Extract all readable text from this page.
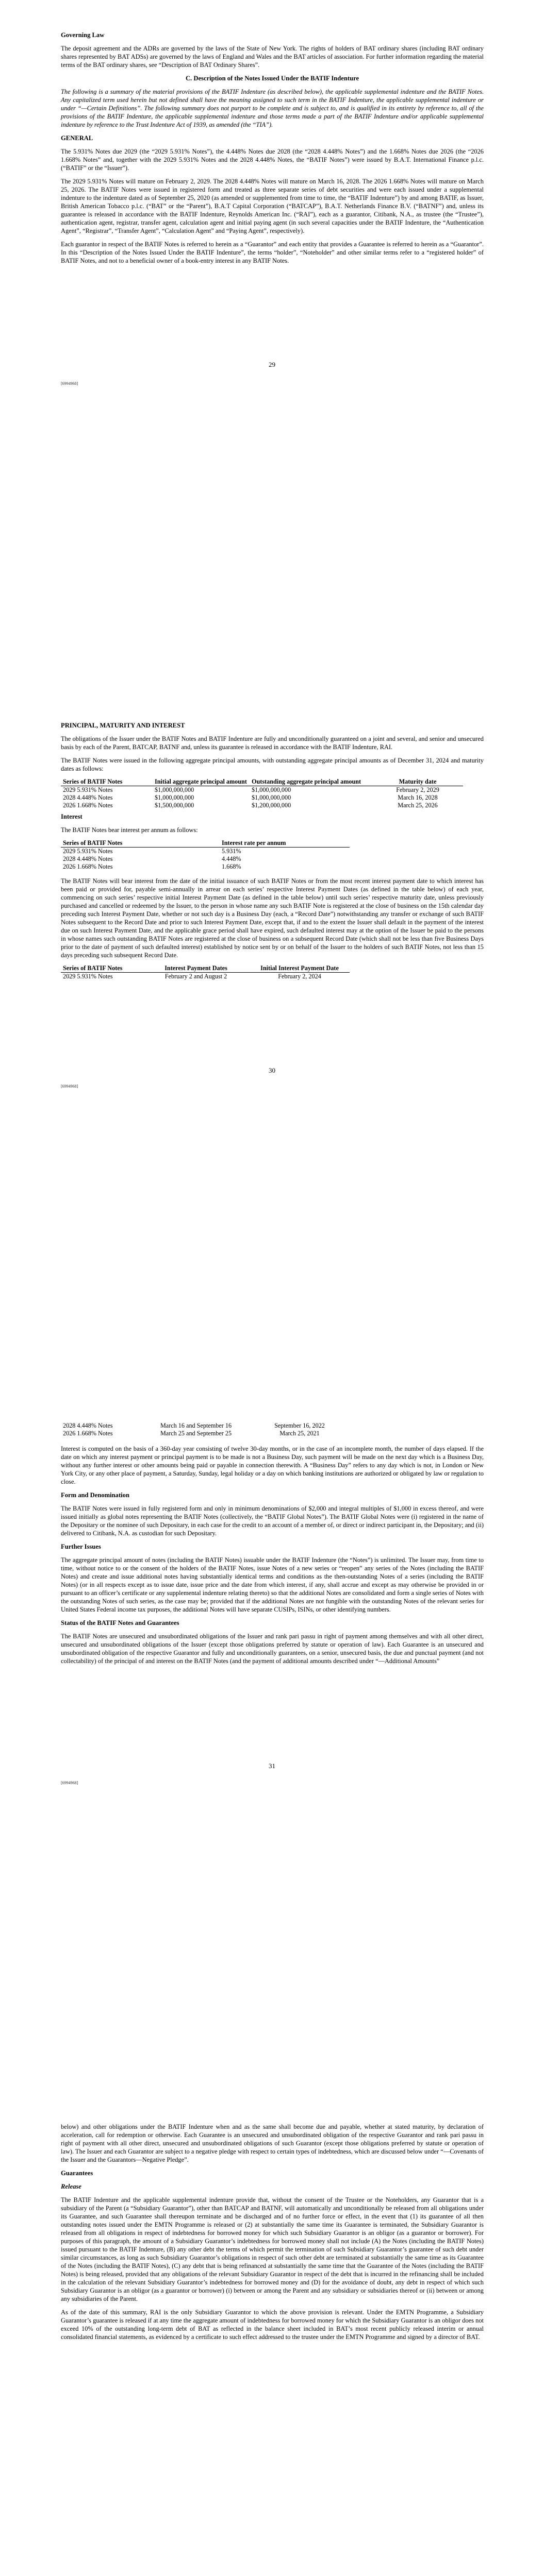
Governing Law

The deposit agreement and the ADRs are governed by the laws of the State of New York. The rights of holders of BAT ordinary shares (including BAT ordinary shares represented by BAT ADSs) are governed by the laws of England and Wales and the BAT articles of association. For further information regarding the material terms of the BAT ordinary shares, see “Description of BAT Ordinary Shares”.

C. Description of the Notes Issued Under the BATIF Indenture

The following is a summary of the material provisions of the BATIF Indenture (as described below), the applicable supplemental indenture and the BATIF Notes. Any capitalized term used herein but not defined shall have the meaning assigned to such term in the BATIF Indenture, the applicable supplemental indenture or under “—Certain Definitions”. The following summary does not purport to be complete and is subject to, and is qualified in its entirety by reference to, all of the provisions of the BATIF Indenture, the applicable supplemental indenture and those terms made a part of the BATIF Indenture and/or applicable supplemental indenture by reference to the Trust Indenture Act of 1939, as amended (the “TIA”).

GENERAL

The 5.931% Notes due 2029 (the “2029 5.931% Notes”), the 4.448% Notes due 2028 (the “2028 4.448% Notes”) and the 1.668% Notes due 2026 (the “2026 1.668% Notes” and, together with the 2029 5.931% Notes and the 2028 4.448% Notes, the “BATIF Notes”) were issued by B.A.T. International Finance p.l.c. (“BATIF” or the “Issuer”).

The 2029 5.931% Notes will mature on February 2, 2029. The 2028 4.448% Notes will mature on March 16, 2028. The 2026 1.668% Notes will mature on March 25, 2026. The BATIF Notes were issued in registered form and treated as three separate series of debt securities and were each issued under a supplemental indenture to the indenture dated as of September 25, 2020 (as amended or supplemented from time to time, the “BATIF Indenture”) by and among BATIF, as Issuer, British American Tobacco p.l.c. (“BAT” or the “Parent”), B.A.T Capital Corporation (“BATCAP”), B.A.T. Netherlands Finance B.V. (“BATNF”) and, unless its guarantee is released in accordance with the BATIF Indenture, Reynolds American Inc. (“RAI”), each as a guarantor, Citibank, N.A., as trustee (the “Trustee”), authentication agent, registrar, transfer agent, calculation agent and initial paying agent (in such several capacities under the BATIF Indenture, the “Authentication Agent”, “Registrar”, “Transfer Agent”, “Calculation Agent” and “Paying Agent”, respectively).

Each guarantor in respect of the BATIF Notes is referred to herein as a “Guarantor” and each entity that provides a Guarantee is referred to herein as a “Guarantor”. In this “Description of the Notes Issued Under the BATIF Indenture”, the terms “holder”, “Noteholder” and other similar terms refer to a “registered holder” of BATIF Notes, and not to a beneficial owner of a book-entry interest in any BATIF Notes.

29
[6994968]
PRINCIPAL, MATURITY AND INTEREST

The obligations of the Issuer under the BATIF Notes and BATIF Indenture are fully and unconditionally guaranteed on a joint and several, and senior and unsecured basis by each of the Parent, BATCAP, BATNF and, unless its guarantee is released in accordance with the BATIF Indenture, RAI.

The BATIF Notes were issued in the following aggregate principal amounts, with outstanding aggregate principal amounts as of December 31, 2024 and maturity dates as follows:

Series of BATIF Notes	Initial aggregate principal amount	Outstanding aggregate principal amount	Maturity date
2029 5.931% Notes	$1,000,000,000	$1,000,000,000	February 2, 2029
2028 4.448% Notes	$1,000,000,000	$1,000,000,000	March 16, 2028
2026 1.668% Notes	$1,500,000,000	$1,200,000,000	March 25, 2026
Interest

The BATIF Notes bear interest per annum as follows:

Series of BATIF Notes	Interest rate per annum
2029 5.931% Notes	5.931%
2028 4.448% Notes	4.448%
2026 1.668% Notes	1.668%

The BATIF Notes will bear interest from the date of the initial issuance of such BATIF Notes or from the most recent interest payment date to which interest has been paid or provided for, payable semi-annually in arrear on each series’ respective Interest Payment Dates (as defined in the table below) of each year, commencing on such series’ respective initial Interest Payment Date (as defined in the table below) until such series’ respective maturity date, unless previously purchased and cancelled or redeemed by the Issuer, to the person in whose name any such BATIF Note is registered at the close of business on the 15th calendar day preceding such Interest Payment Date, whether or not such day is a Business Day (each, a “Record Date”) notwithstanding any transfer or exchange of such BATIF Notes subsequent to the Record Date and prior to such Interest Payment Date, except that, if and to the extent the Issuer shall default in the payment of the interest due on such Interest Payment Date, and the applicable grace period shall have expired, such defaulted interest may at the option of the Issuer be paid to the persons in whose names such outstanding BATIF Notes are registered at the close of business on a subsequent Record Date (which shall not be less than five Business Days prior to the date of payment of such defaulted interest) established by notice sent by or on behalf of the Issuer to the holders of such BATIF Notes, not less than 15 days preceding such subsequent Record Date.

Series of BATIF Notes	Interest Payment Dates	Initial Interest Payment Date
2029 5.931% Notes	February 2 and August 2	February 2, 2024
30
[6994968]
2028 4.448% Notes	March 16 and September 16	September 16, 2022
2026 1.668% Notes	March 25 and September 25	March 25, 2021

Interest is computed on the basis of a 360-day year consisting of twelve 30-day months, or in the case of an incomplete month, the number of days elapsed. If the date on which any interest payment or principal payment is to be made is not a Business Day, such payment will be made on the next day which is a Business Day, without any further interest or other amounts being paid or payable in connection therewith. A “Business Day” refers to any day which is not, in London or New York City, or any other place of payment, a Saturday, Sunday, legal holiday or a day on which banking institutions are authorized or obligated by law or regulation to close.

Form and Denomination

The BATIF Notes were issued in fully registered form and only in minimum denominations of $2,000 and integral multiples of $1,000 in excess thereof, and were issued initially as global notes representing the BATIF Notes (collectively, the “BATIF Global Notes”). The BATIF Global Notes were (i) registered in the name of the Depositary or the nominee of such Depositary, in each case for the credit to an account of a member of, or direct or indirect participant in, the Depositary; and (ii) delivered to Citibank, N.A. as custodian for such Depositary.

Further Issues

The aggregate principal amount of notes (including the BATIF Notes) issuable under the BATIF Indenture (the “Notes”) is unlimited. The Issuer may, from time to time, without notice to or the consent of the holders of the BATIF Notes, issue Notes of a new series or “reopen” any series of the Notes (including the BATIF Notes) and create and issue additional notes having substantially identical terms and conditions as the then-outstanding Notes of a series (including the BATIF Notes) (or in all respects except as to issue date, issue price and the date from which interest, if any, shall accrue and except as may otherwise be provided in or pursuant to an officer’s certificate or any supplemental indenture relating thereto) so that the additional Notes are consolidated and form a single series of Notes with the outstanding Notes of such series, as the case may be; provided that if the additional Notes are not fungible with the outstanding Notes of the relevant series for United States Federal income tax purposes, the additional Notes will have separate CUSIPs, ISINs, or other identifying numbers.

Status of the BATIF Notes and Guarantees

The BATIF Notes are unsecured and unsubordinated obligations of the Issuer and rank pari passu in right of payment among themselves and with all other direct, unsecured and unsubordinated obligations of the Issuer (except those obligations preferred by statute or operation of law). Each Guarantee is an unsecured and unsubordinated obligation of the respective Guarantor and fully and unconditionally guarantees, on a senior, unsecured basis, the due and punctual payment (and not collectability) of the principal of and interest on the BATIF Notes (and the payment of additional amounts described under “—Additional Amounts”

31
[6994968]

below) and other obligations under the BATIF Indenture when and as the same shall become due and payable, whether at stated maturity, by declaration of acceleration, call for redemption or otherwise. Each Guarantee is an unsecured and unsubordinated obligation of the respective Guarantor and rank pari passu in right of payment with all other direct, unsecured and unsubordinated obligations of such Guarantor (except those obligations preferred by statute or operation of law). The Issuer and each Guarantor are subject to a negative pledge with respect to certain types of indebtedness, which are discussed below under “—Covenants of the Issuer and the Guarantors—Negative Pledge”.

Guarantees
Release

The BATIF Indenture and the applicable supplemental indenture provide that, without the consent of the Trustee or the Noteholders, any Guarantor that is a subsidiary of the Parent (a “Subsidiary Guarantor”), other than BATCAP and BATNF, will automatically and unconditionally be released from all obligations under its Guarantee, and such Guarantee shall thereupon terminate and be discharged and of no further force or effect, in the event that (1) its guarantee of all then outstanding notes issued under the EMTN Programme is released or (2) at substantially the same time its Guarantee is terminated, the Subsidiary Guarantor is released from all obligations in respect of indebtedness for borrowed money for which such Subsidiary Guarantor is an obligor (as a guarantor or borrower). For purposes of this paragraph, the amount of a Subsidiary Guarantor’s indebtedness for borrowed money shall not include (A) the Notes (including the BATIF Notes) issued pursuant to the BATIF Indenture, (B) any other debt the terms of which permit the termination of such Subsidiary Guarantor’s guarantee of such debt under similar circumstances, as long as such Subsidiary Guarantor’s obligations in respect of such other debt are terminated at substantially the same time as its Guarantee of the Notes (including the BATIF Notes), (C) any debt that is being refinanced at substantially the same time that the Guarantee of the Notes (including the BATIF Notes) is being released, provided that any obligations of the relevant Subsidiary Guarantor in respect of the debt that is incurred in the refinancing shall be included in the calculation of the relevant Subsidiary Guarantor’s indebtedness for borrowed money and (D) for the avoidance of doubt, any debt in respect of which such Subsidiary Guarantor is an obligor (as a guarantor or borrower) (i) between or among the Parent and any subsidiary or subsidiaries thereof or (ii) between or among any subsidiaries of the Parent.

As of the date of this summary, RAI is the only Subsidiary Guarantor to which the above provision is relevant. Under the EMTN Programme, a Subsidiary Guarantor’s guarantee is released if at any time the aggregate amount of indebtedness for borrowed money for which the Subsidiary Guarantor is an obligor does not exceed 10% of the outstanding long-term debt of BAT as reflected in the balance sheet included in BAT’s most recent publicly released interim or annual consolidated financial statements, as evidenced by a certificate to such effect addressed to the trustee under the EMTN Programme and signed by a director of BAT.
